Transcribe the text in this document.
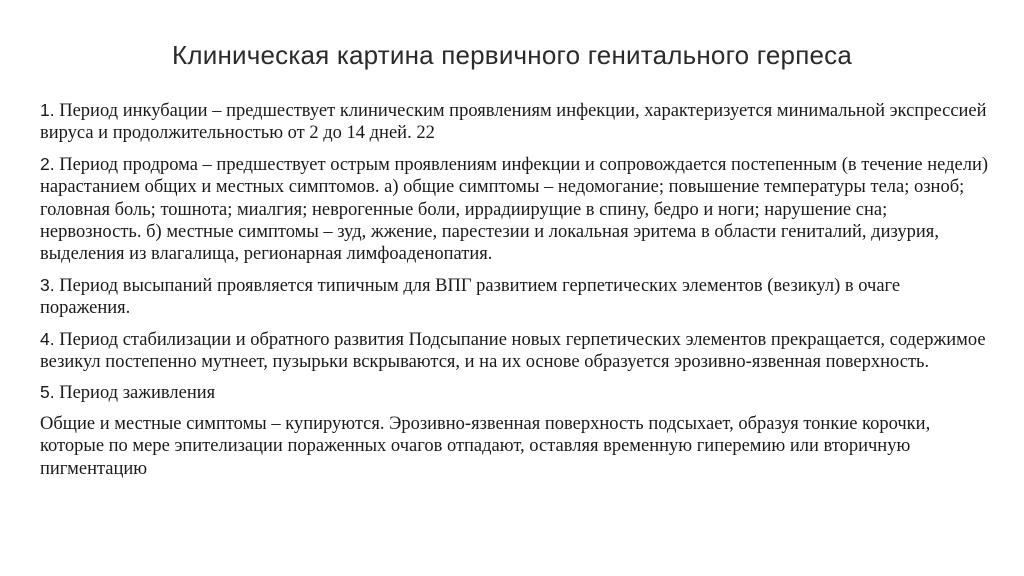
Клиническая картина первичного генитального герпеса

1. Период инкубации – предшествует клиническим проявлениям инфекции, характеризуется минимальной экспрессией вируса и продолжительностью от 2 до 14 дней. 22

2. Период продрома – предшествует острым проявлениям инфекции и сопровождается постепенным (в течение недели) нарастанием общих и местных симптомов. а) общие симптомы – недомогание; повышение температуры тела; озноб; головная боль; тошнота; миалгия; неврогенные боли, иррадиирущие в спину, бедро и ноги; нарушение сна; нервозность. б) местные симптомы – зуд, жжение, парестезии и локальная эритема в области гениталий, дизурия, выделения из влагалища, регионарная лимфоаденопатия.

3. Период высыпаний проявляется типичным для ВПГ развитием герпетических элементов (везикул) в очаге поражения.

4. Период стабилизации и обратного развития Подсыпание новых герпетических элементов прекращается, содержимое везикул постепенно мутнеет, пузырьки вскрываются, и на их основе образуется эрозивно-язвенная поверхность.

5. Период заживления

Общие и местные симптомы – купируются. Эрозивно-язвенная поверхность подсыхает, образуя тонкие корочки, которые по мере эпителизации пораженных очагов отпадают, оставляя временную гиперемию или вторичную пигментацию
